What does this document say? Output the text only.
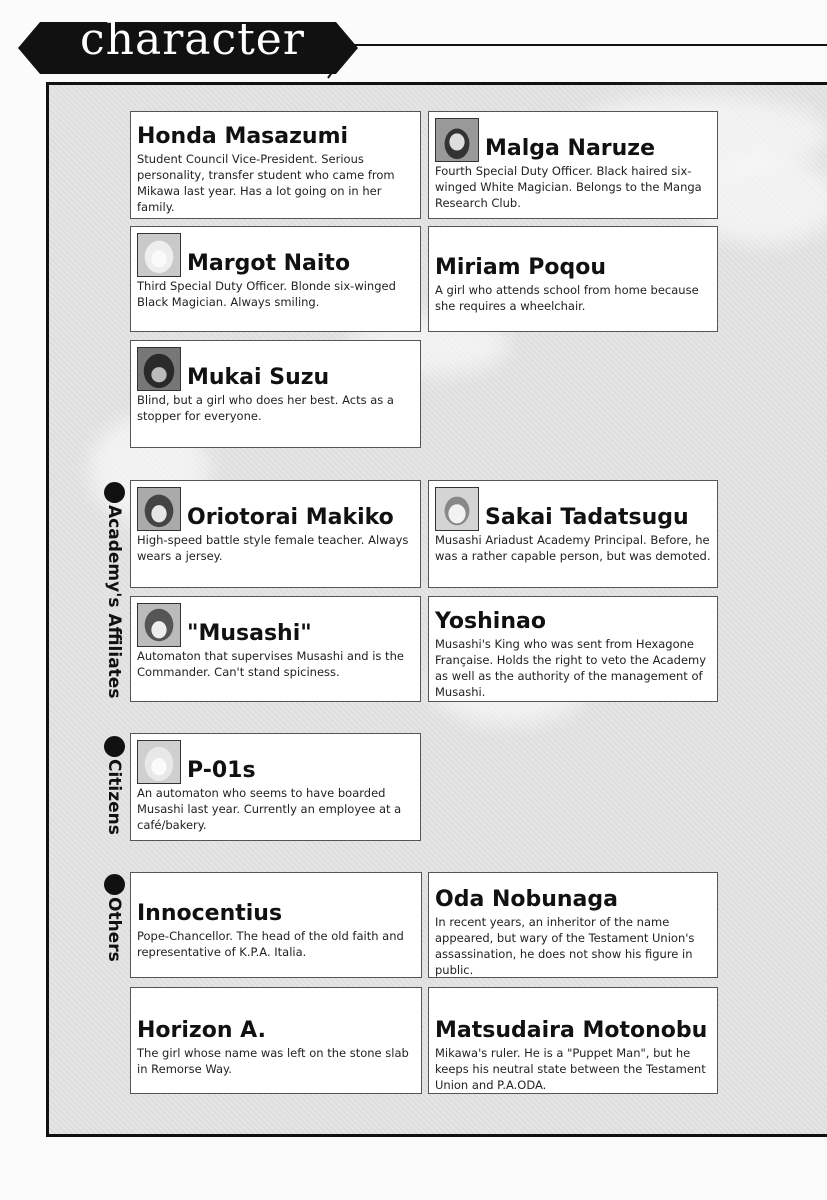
character
Academy's Affiliates
Citizens
Others
Honda Masazumi
Student Council Vice-President. Serious personality, transfer student who came from Mikawa last year. Has a lot going on in her family.
Malga Naruze
Fourth Special Duty Officer. Black haired six-winged White Magician. Belongs to the Manga Research Club.
Margot Naito
Third Special Duty Officer. Blonde six-winged Black Magician. Always smiling.
Miriam Poqou
A girl who attends school from home because she requires a wheelchair.
Mukai Suzu
Blind, but a girl who does her best. Acts as a stopper for everyone.
Oriotorai Makiko
High-speed battle style female teacher. Always wears a jersey.
Sakai Tadatsugu
Musashi Ariadust Academy Principal. Before, he was a rather capable person, but was demoted.
"Musashi"
Automaton that supervises Musashi and is the Commander. Can't stand spiciness.
Yoshinao
Musashi's King who was sent from Hexagone Française. Holds the right to veto the Academy as well as the authority of the management of Musashi.
P-01s
An automaton who seems to have boarded Musashi last year. Currently an employee at a café/bakery.
Innocentius
Pope-Chancellor. The head of the old faith and representative of K.P.A. Italia.
Oda Nobunaga
In recent years, an inheritor of the name appeared, but wary of the Testament Union's assassination, he does not show his figure in public.
Horizon A.
The girl whose name was left on the stone slab in Remorse Way.
Matsudaira Motonobu
Mikawa's ruler. He is a "Puppet Man", but he keeps his neutral state between the Testament Union and P.A.ODA.
